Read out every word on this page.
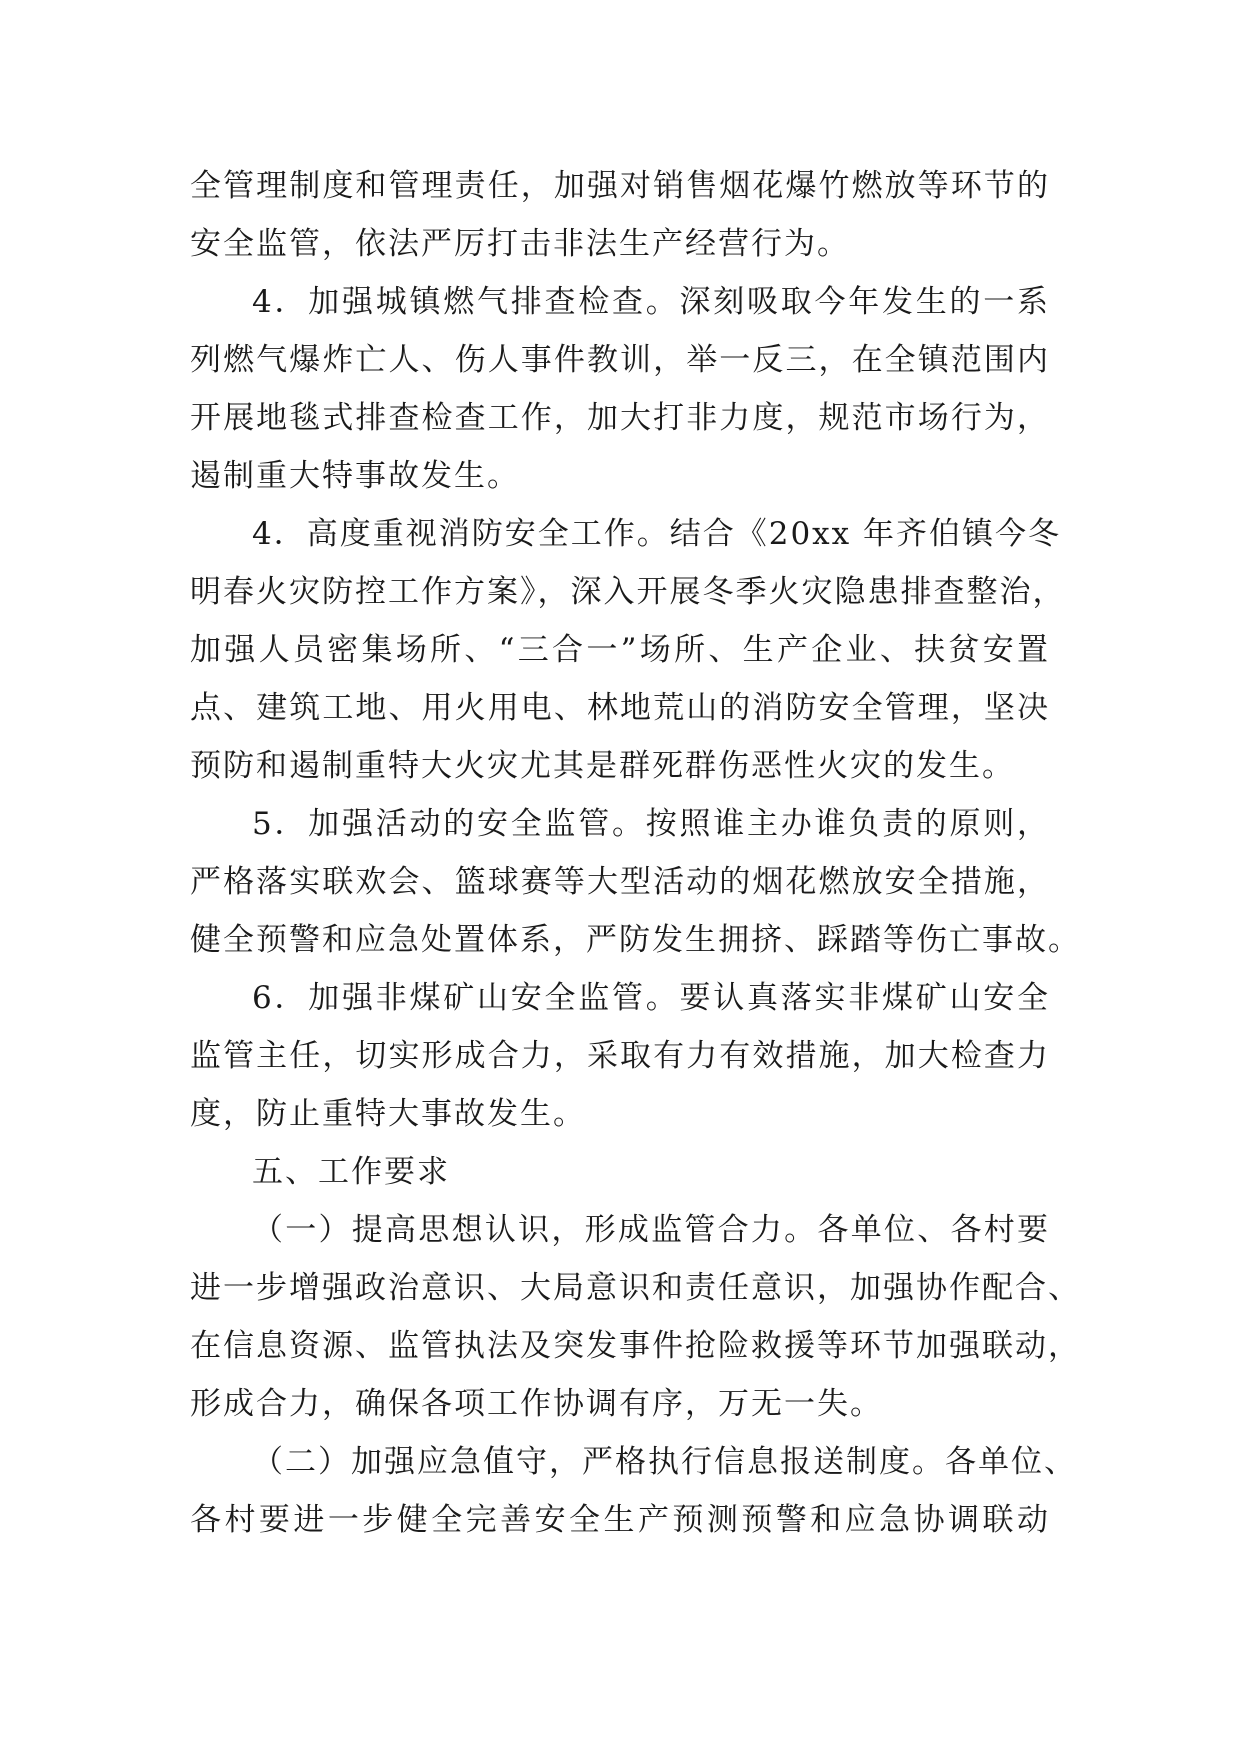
全管理制度和管理责任，加强对销售烟花爆竹燃放等环节的
安全监管，依法严厉打击非法生产经营行为。
4．加强城镇燃气排查检查。深刻吸取今年发生的一系
列燃气爆炸亡人、伤人事件教训，举一反三，在全镇范围内
开展地毯式排查检查工作，加大打非力度，规范市场行为，
遏制重大特事故发生。
4．高度重视消防安全工作。结合《20xx 年齐伯镇今冬
明春火灾防控工作方案》，深入开展冬季火灾隐患排查整治，
加强人员密集场所、“三合一”场所、生产企业、扶贫安置
点、建筑工地、用火用电、林地荒山的消防安全管理，坚决
预防和遏制重特大火灾尤其是群死群伤恶性火灾的发生。
5．加强活动的安全监管。按照谁主办谁负责的原则，
严格落实联欢会、篮球赛等大型活动的烟花燃放安全措施，
健全预警和应急处置体系，严防发生拥挤、踩踏等伤亡事故。
6．加强非煤矿山安全监管。要认真落实非煤矿山安全
监管主任，切实形成合力，采取有力有效措施，加大检查力
度，防止重特大事故发生。
五、工作要求
（一）提高思想认识，形成监管合力。各单位、各村要
进一步增强政治意识、大局意识和责任意识，加强协作配合、
在信息资源、监管执法及突发事件抢险救援等环节加强联动，
形成合力，确保各项工作协调有序，万无一失。
（二）加强应急值守，严格执行信息报送制度。各单位、
各村要进一步健全完善安全生产预测预警和应急协调联动
